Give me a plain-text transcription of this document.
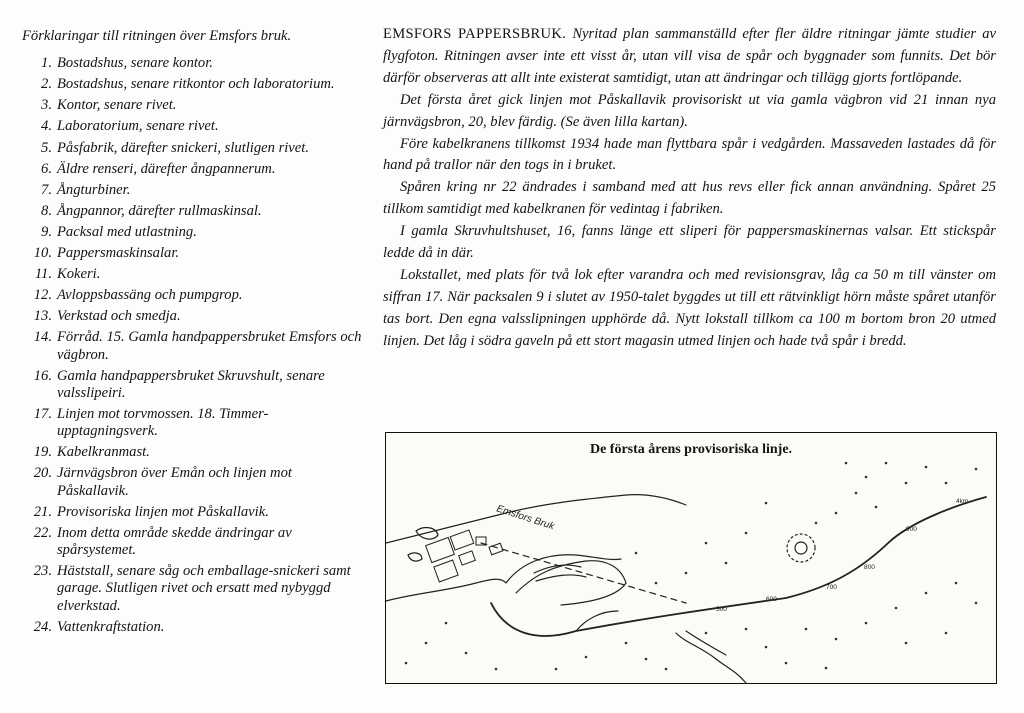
Förklaringar till ritningen över Emsfors bruk.
1. Bostadshus, senare kontor.
2. Bostadshus, senare ritkontor och laboratorium.
3. Kontor, senare rivet.
4. Laboratorium, senare rivet.
5. Påsfabrik, därefter snickeri, slutligen rivet.
6. Äldre renseri, därefter ångpannerum.
7. Ångturbiner.
8. Ångpannor, därefter rullmaskinsal.
9. Packsal med utlastning.
10. Pappersmaskinsalar.
11. Kokeri.
12. Avloppsbassäng och pumpgrop.
13. Verkstad och smedja.
14. Förråd. 15. Gamla handpappersbruket Emsfors och vägbron.
16. Gamla handpappersbruket Skruvshult, senare valsslipeiri.
17. Linjen mot torvmossen. 18. Timmer-upptagningsverk.
19. Kabelkranmast.
20. Järnvägsbron över Emån och linjen mot Påskallavik.
21. Provisoriska linjen mot Påskallavik.
22. Inom detta område skedde ändringar av spårsystemet.
23. Häststall, senare såg och emballage-snickeri samt garage. Slutligen rivet och ersatt med nybyggd elverkstad.
24. Vattenkraftstation.

EMSFORS PAPPERSBRUK. Nyritad plan sammanställd efter fler äldre ritningar jämte studier av flygfoton. Ritningen avser inte ett visst år, utan vill visa de spår och byggnader som funnits. Det bör därför observeras att allt inte existerat samtidigt, utan att ändringar och tillägg gjorts fortlöpande.

Det första året gick linjen mot Påskallavik provisoriskt ut via gamla vägbron vid 21 innan nya järnvägsbron, 20, blev färdig. (Se även lilla kartan).

Före kabelkranens tillkomst 1934 hade man flyttbara spår i vedgården. Massaveden lastades då för hand på trallor när den togs in i bruket.

Spåren kring nr 22 ändrades i samband med att hus revs eller fick annan användning. Spåret 25 tillkom samtidigt med kabelkranen för vedintag i fabriken.

I gamla Skruvhultshuset, 16, fanns länge ett sliperi för pappersmaskinernas valsar. Ett stickspår ledde då in där.

Lokstallet, med plats för två lok efter varandra och med revisionsgrav, låg ca 50 m till vänster om siffran 17. När packsalen 9 i slutet av 1950-talet byggdes ut till ett rätvinkligt hörn måste spåret utanför tas bort. Den egna valsslipningen upphörde då. Nytt lokstall tillkom ca 100 m bortom bron 20 utmed linjen. Det låg i södra gaveln på ett stort magasin utmed linjen och hade två spår i bredd.

Emsfors Bruk
500
600
700
800
900
4km
De första årens provisoriska linje.
